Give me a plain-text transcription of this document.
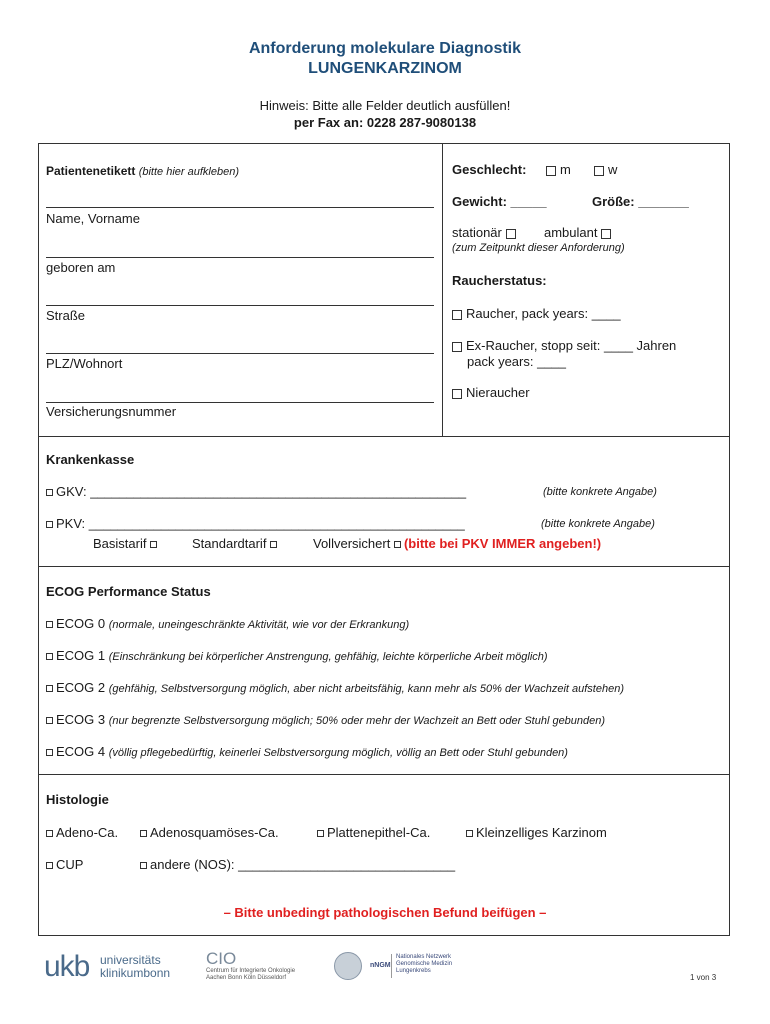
Anforderung molekulare Diagnostik
LUNGENKARZINOM
Hinweis: Bitte alle Felder deutlich ausfüllen!
per Fax an: 0228 287-9080138
Patientenetikett (bitte hier aufkleben)
Name, Vorname
geboren am
Straße
PLZ/Wohnort
Versicherungsnummer
Geschlecht:	m	w
Gewicht: _____	Größe: _______
stationär	ambulant
(zum Zeitpunkt dieser Anforderung)
Raucherstatus:
Raucher, pack years: ____
Ex-Raucher, stopp seit: ____ Jahren
pack years: ____
Nieraucher
Krankenkasse
GKV: ____________________________________________________	(bitte konkrete Angabe)
PKV: ____________________________________________________	(bitte konkrete Angabe)
Basistarif	Standardtarif	Vollversichert (bitte bei PKV IMMER angeben!)
ECOG Performance Status
ECOG 0 (normale, uneingeschränkte Aktivität, wie vor der Erkrankung)
ECOG 1 (Einschränkung bei körperlicher Anstrengung, gehfähig, leichte körperliche Arbeit möglich)
ECOG 2 (gehfähig, Selbstversorgung möglich, aber nicht arbeitsfähig, kann mehr als 50% der Wachzeit aufstehen)
ECOG 3 (nur begrenzte Selbstversorgung möglich; 50% oder mehr der Wachzeit an Bett oder Stuhl gebunden)
ECOG 4 (völlig pflegebedürftig, keinerlei Selbstversorgung möglich, völlig an Bett oder Stuhl gebunden)
Histologie
Adeno-Ca.	Adenosquamöses-Ca.	Plattenepithel-Ca.	Kleinzelliges Karzinom
CUP	andere (NOS): ______________________________
– Bitte unbedingt pathologischen Befund beifügen –
ukb universitäts
klinikumbonn
CIO
Centrum für Integrierte Onkologie
Aachen Bonn Köln Düsseldorf
nNGM
Nationales Netzwerk
Genomische Medizin
Lungenkrebs
1 von 3
